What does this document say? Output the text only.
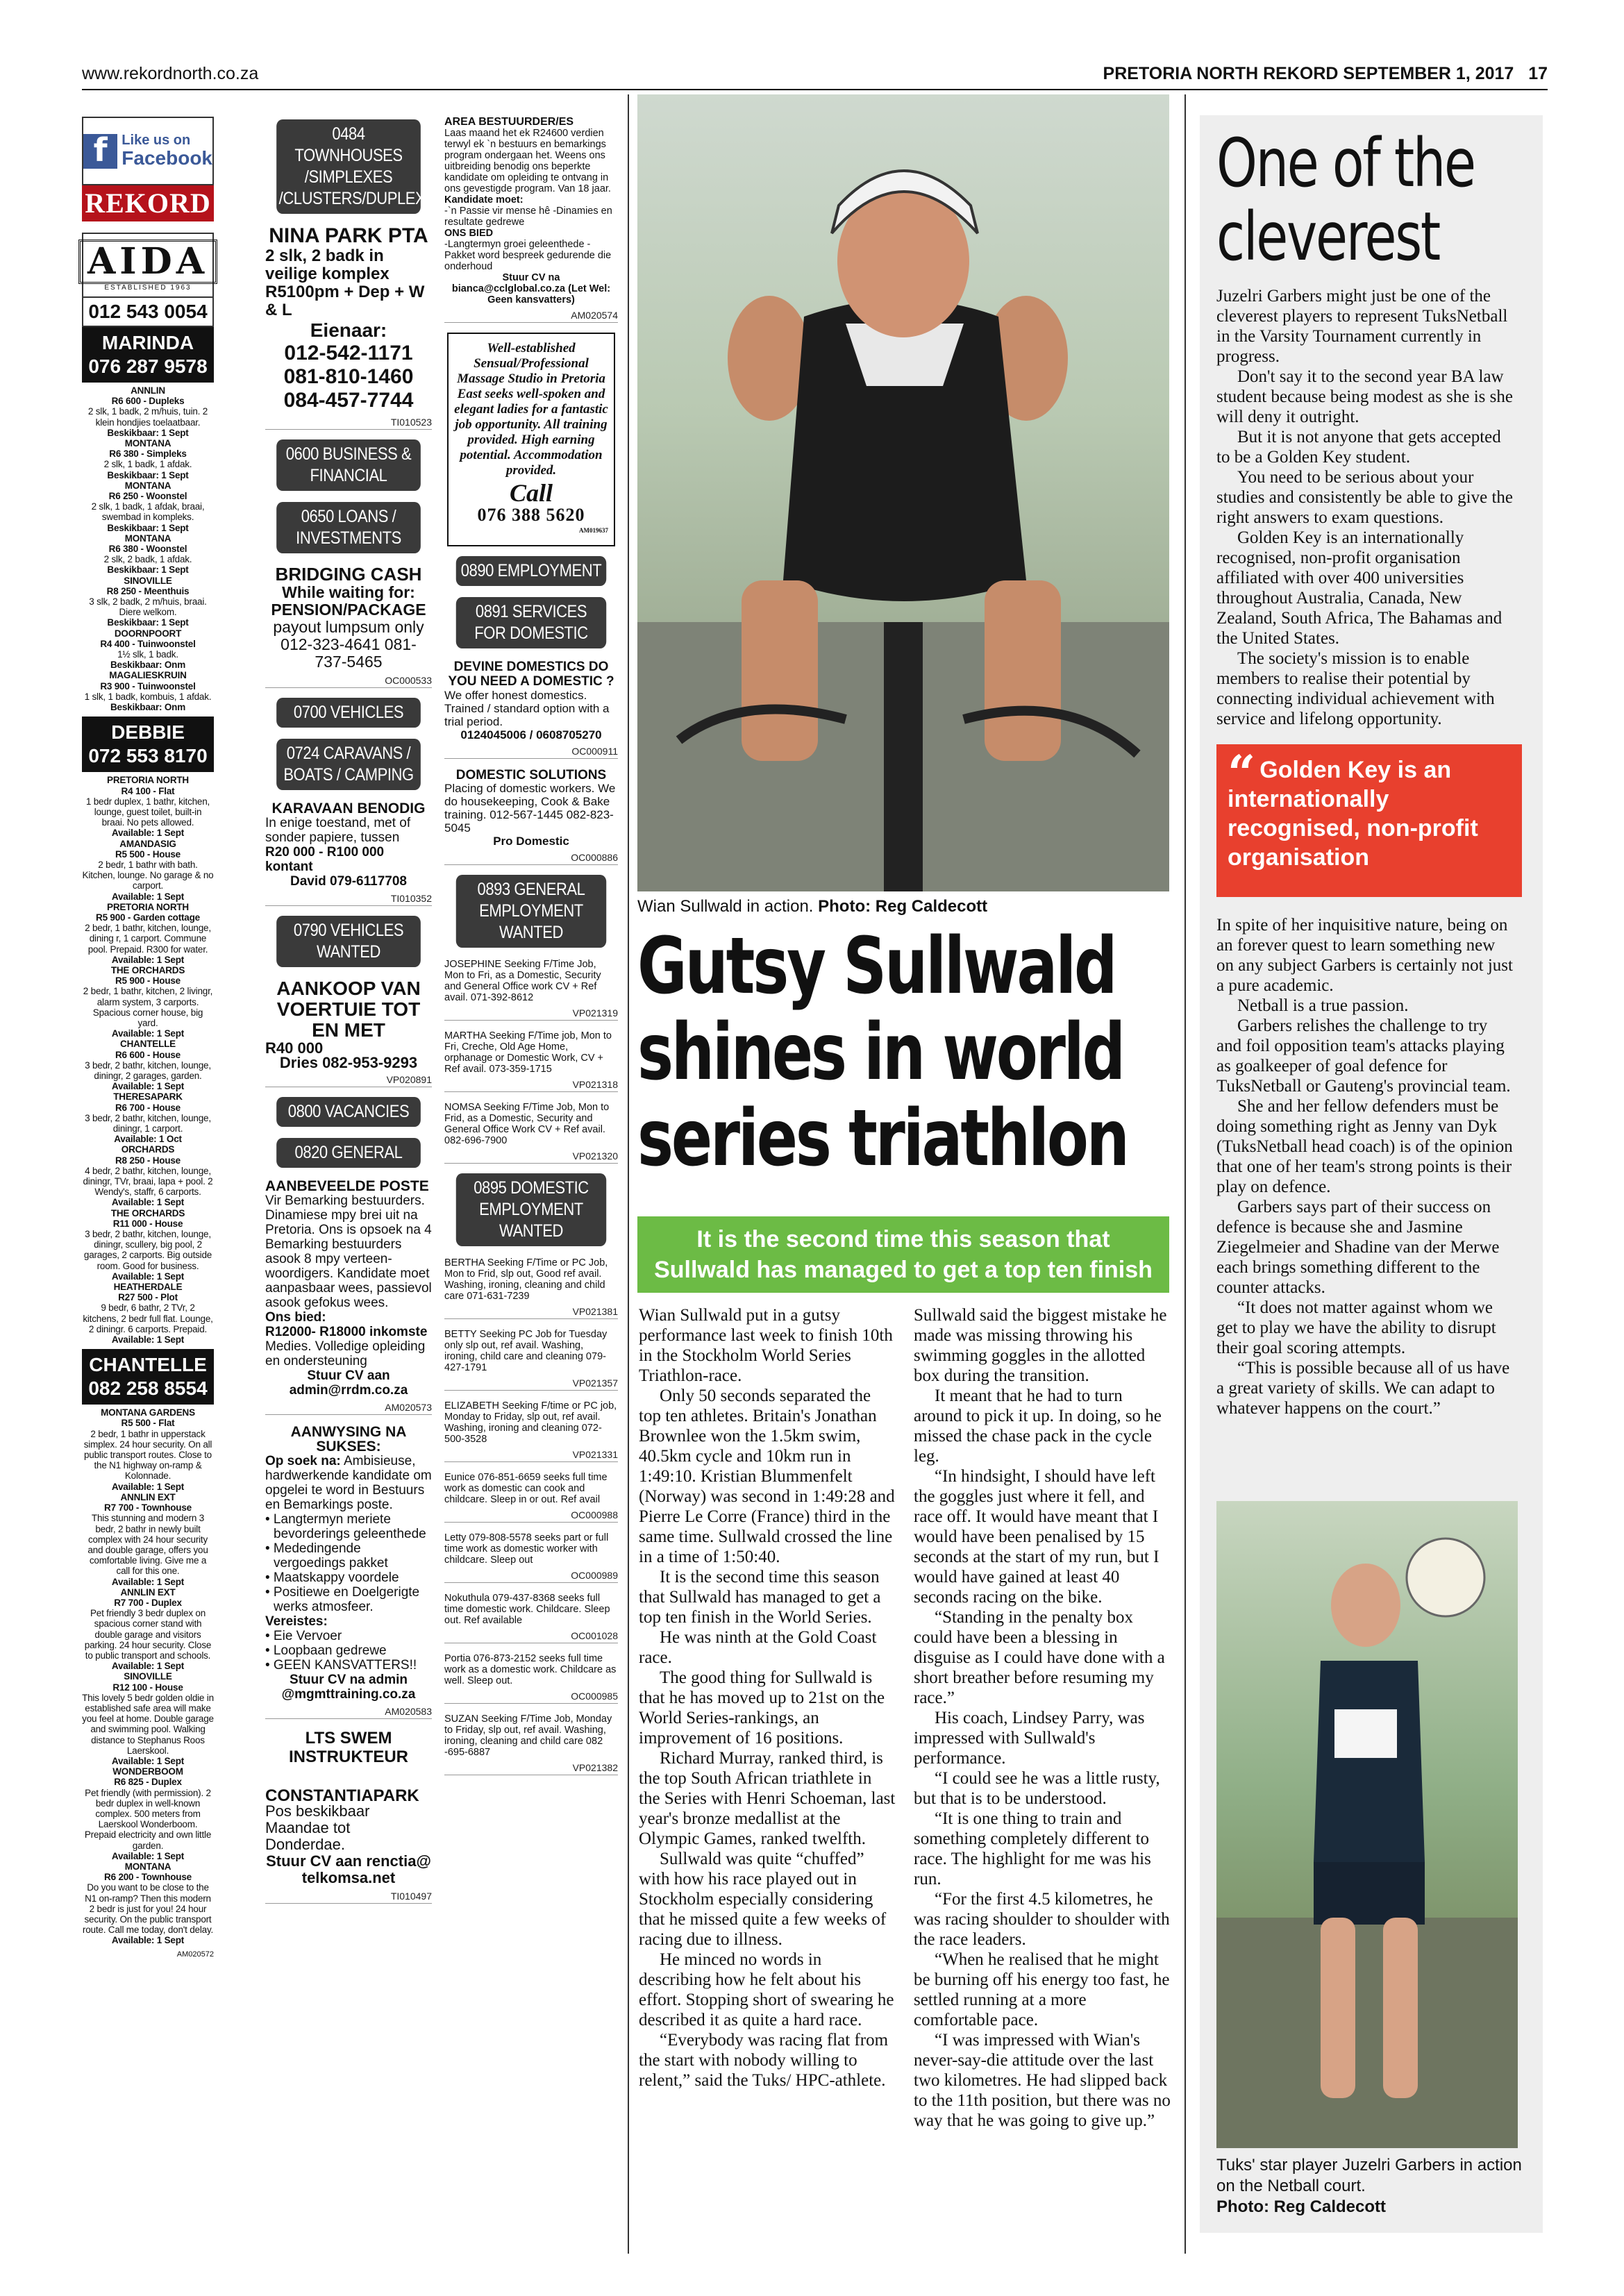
www.rekordnorth.co.za	PRETORIA NORTH REKORD SEPTEMBER 1, 2017 17
f	Like us on
Facebook
REKORD
AIDA
ESTABLISHED 1963
012 543 0054
MARINDA
076 287 9578
ANNLIN
R6 600 - Dupleks
2 slk, 1 badk, 2 m/huis, tuin. 2 klein hondjies toelaatbaar.
Beskikbaar: 1 Sept
MONTANA
R6 380 - Simpleks
2 slk, 1 badk, 1 afdak.
Beskikbaar: 1 Sept
MONTANA
R6 250 - Woonstel
2 slk, 1 badk, 1 afdak, braai, swembad in kompleks.
Beskikbaar: 1 Sept
MONTANA
R6 380 - Woonstel
2 slk, 2 badk, 1 afdak.
Beskikbaar: 1 Sept
SINOVILLE
R8 250 - Meenthuis
3 slk, 2 badk, 2 m/huis, braai. Diere welkom.
Beskikbaar: 1 Sept
DOORNPOORT
R4 400 - Tuinwoonstel
1½ slk, 1 badk.
Beskikbaar: Onm
MAGALIESKRUIN
R3 900 - Tuinwoonstel
1 slk, 1 badk, kombuis, 1 afdak.
Beskikbaar: Onm
DEBBIE
072 553 8170
PRETORIA NORTH
R4 100 - Flat
1 bedr duplex, 1 bathr, kitchen, lounge, guest toilet, built-in braai. No pets allowed.
Available: 1 Sept
AMANDASIG
R5 500 - House
2 bedr, 1 bathr with bath. Kitchen, lounge. No garage & no carport.
Available: 1 Sept
PRETORIA NORTH
R5 900 - Garden cottage
2 bedr, 1 bathr, kitchen, lounge, dining r, 1 carport. Commune pool. Prepaid. R300 for water.
Available: 1 Sept
THE ORCHARDS
R5 900 - House
2 bedr, 1 bathr, kitchen, 2 livingr, alarm system, 3 carports. Spacious corner house, big yard.
Available: 1 Sept
CHANTELLE
R6 600 - House
3 bedr, 2 bathr, kitchen, lounge, diningr, 2 garages, garden.
Available: 1 Sept
THERESAPARK
R6 700 - House
3 bedr, 2 bathr, kitchen, lounge, diningr, 1 carport.
Available: 1 Oct
ORCHARDS
R8 250 - House
4 bedr, 2 bathr, kitchen, lounge, diningr, TVr, braai, lapa + pool. 2 Wendy's, staffr, 6 carports.
Available: 1 Sept
THE ORCHARDS
R11 000 - House
3 bedr, 2 bathr, kitchen, lounge, diningr, scullery, big pool, 2 garages, 2 carports. Big outside room. Good for business.
Available: 1 Sept
HEATHERDALE
R27 500 - Plot
9 bedr, 6 bathr, 2 TVr, 2 kitchens, 2 bedr full flat. Lounge, 2 diningr. 6 carports. Prepaid.
Available: 1 Sept
CHANTELLE
082 258 8554
MONTANA GARDENS
R5 500 - Flat
2 bedr, 1 bathr in upperstack simplex. 24 hour security. On all public transport routes. Close to the N1 highway on-ramp & Kolonnade.
Available: 1 Sept
ANNLIN EXT
R7 700 - Townhouse
This stunning and modern 3 bedr, 2 bathr in newly built complex with 24 hour security and double garage, offers you comfortable living. Give me a call for this one.
Available: 1 Sept
ANNLIN EXT
R7 700 - Duplex
Pet friendly 3 bedr duplex on spacious corner stand with double garage and visitors parking. 24 hour security. Close to public transport and schools.
Available: 1 Sept
SINOVILLE
R12 100 - House
This lovely 5 bedr golden oldie in established safe area will make you feel at home. Double garage and swimming pool. Walking distance to Stephanus Roos Laerskool.
Available: 1 Sept
WONDERBOOM
R6 825 - Duplex
Pet friendly (with permission). 2 bedr duplex in well-known complex. 500 meters from Laerskool Wonderboom. Prepaid electricity and own little garden.
Available: 1 Sept
MONTANA
R6 200 - Townhouse
Do you want to be close to the N1 on-ramp? Then this modern 2 bedr is just for you! 24 hour security. On the public transport route. Call me today, don't delay.
Available: 1 Sept
AM020572
0484 TOWNHOUSES /SIMPLEXES /CLUSTERS/DUPLEXES
NINA PARK PTA
2 slk, 2 badk in veilige komplex R5100pm + Dep + W & L
Eienaar:
012-542-1171 081-810-1460 084-457-7744
TI010523
0600 BUSINESS & FINANCIAL
0650 LOANS / INVESTMENTS
BRIDGING CASH
While waiting for: PENSION/PACKAGE
payout lumpsum only
012-323-4641 081-737-5465
OC000533
0700 VEHICLES
0724 CARAVANS / BOATS / CAMPING
KARAVAAN BENODIG
In enige toestand, met of sonder papiere, tussen
R20 000 - R100 000 kontant
David 079-6117708
TI010352
0790 VEHICLES WANTED
AANKOOP VAN VOERTUIE TOT EN MET
R40 000
Dries 082-953-9293
VP020891
0800 VACANCIES
0820 GENERAL
AANBEVEELDE POSTE
Vir Bemarking bestuurders. Dinamiese mpy brei uit na Pretoria. Ons is opsoek na 4 Bemarking bestuurders asook 8 mpy verteen-woordigers. Kandidate moet aanpasbaar wees, passievol asook gefokus wees.
Ons bied:
R12000- R18000 inkomste
Medies. Volledige opleiding en ondersteuning
Stuur CV aan admin@rrdm.co.za
AM020573
AANWYSING NA SUKSES:
Op soek na: Ambisieuse, hardwerkende kandidate om opgelei te word in Bestuurs en Bemarkings poste.
• Langtermyn meriete bevorderings geleenthede
• Mededingende vergoedings pakket
• Maatskappy voordele
• Positiewe en Doelgerigte werks atmosfeer.
Vereistes:
• Eie Vervoer
• Loopbaan gedrewe
• GEEN KANSVATTERS!!
Stuur CV na admin @mgmttraining.co.za
AM020583
LTS SWEM INSTRUKTEUR
CONSTANTIAPARK
Pos beskikbaar Maandae tot Donderdae.
Stuur CV aan renctia@ telkomsa.net
TI010497
AREA BESTUURDER/ES
Laas maand het ek R24600 verdien terwyl ek `n bestuurs en bemarkings program ondergaan het. Weens ons uitbreiding benodig ons beperkte kandidate om opleiding te ontvang in ons gevestigde program. Van 18 jaar.
Kandidate moet:
-`n Passie vir mense hê -Dinamies en resultate gedrewe
ONS BIED
-Langtermyn groei geleenthede -Pakket word bespreek gedurende die onderhoud
Stuur CV na bianca@cclglobal.co.za (Let Wel: Geen kansvatters)
AM020574
Well-established Sensual/Professional Massage Studio in Pretoria East seeks well-spoken and elegant ladies for a fantastic job opportunity. All training provided. High earning potential. Accommodation provided.
Call
076 388 5620
AM019637
0890 EMPLOYMENT
0891 SERVICES FOR DOMESTIC
DEVINE DOMESTICS DO YOU NEED A DOMESTIC ?
We offer honest domestics. Trained / standard option with a trial period.
0124045006 / 0608705270
OC000911
DOMESTIC SOLUTIONS
Placing of domestic workers. We do housekeeping, Cook & Bake training. 012-567-1445 082-823-5045
Pro Domestic
OC000886
0893 GENERAL EMPLOYMENT WANTED
JOSEPHINE Seeking F/Time Job, Mon to Fri, as a Domestic, Security and General Office work CV + Ref avail. 071-392-8612
VP021319
MARTHA Seeking F/Time job, Mon to Fri, Creche, Old Age Home, orphanage or Domestic Work, CV + Ref avail. 073-359-1715
VP021318
NOMSA Seeking F/Time Job, Mon to Frid, as a Domestic, Security and General Office Work CV + Ref avail. 082-696-7900
VP021320
0895 DOMESTIC EMPLOYMENT WANTED
BERTHA Seeking F/Time or PC Job, Mon to Frid, slp out, Good ref avail. Washing, ironing, cleaning and child care 071-631-7239
VP021381
BETTY Seeking PC Job for Tuesday only slp out, ref avail. Washing, ironing, child care and cleaning 079- 427-1791
VP021357
ELIZABETH Seeking F/time or PC job, Monday to Friday, slp out, ref avail. Washing, ironing and cleaning 072-500-3528
VP021331
Eunice 076-851-6659 seeks full time work as domestic can cook and childcare. Sleep in or out. Ref avail
OC000988
Letty 079-808-5578 seeks part or full time work as domestic worker with childcare. Sleep out
OC000989
Nokuthula 079-437-8368 seeks full time domestic work. Childcare. Sleep out. Ref available
OC001028
Portia 076-873-2152 seeks full time work as a domestic work. Childcare as well. Sleep out.
OC000985
SUZAN Seeking F/Time Job, Monday to Friday, slp out, ref avail. Washing, ironing, cleaning and child care 082 -695-6887
VP021382
Wian Sullwald in action. Photo: Reg Caldecott
Gutsy Sullwald
shines in world
series triathlon
It is the second time this season that
Sullwald has managed to get a top ten finish

Wian Sullwald put in a gutsy performance last week to finish 10th in the Stockholm World Series Triathlon-race.

Only 50 seconds separated the top ten athletes. Britain's Jonathan Brownlee won the 1.5km swim, 40.5km cycle and 10km run in 1:49:10. Kristian Blummenfelt (Norway) was second in 1:49:28 and Pierre Le Corre (France) third in the same time. Sullwald crossed the line in a time of 1:50:40.

It is the second time this season that Sullwald has managed to get a top ten finish in the World Series.

He was ninth at the Gold Coast race.

The good thing for Sullwald is that he has moved up to 21st on the World Series-rankings, an improvement of 16 positions.

Richard Murray, ranked third, is the top South African triathlete in the Series with Henri Schoeman, last year's bronze medallist at the Olympic Games, ranked twelfth.

Sullwald was quite “chuffed” with how his race played out in Stockholm especially considering that he missed quite a few weeks of racing due to illness.

He minced no words in describing how he felt about his effort. Stopping short of swearing he described it as quite a hard race.

“Everybody was racing flat from the start with nobody willing to relent,” said the Tuks/ HPC-athlete.

Sullwald said the biggest mistake he made was missing throwing his swimming goggles in the allotted box during the transition.

It meant that he had to turn around to pick it up. In doing, so he missed the chase pack in the cycle leg.

“In hindsight, I should have left the goggles just where it fell, and race off. It would have meant that I would have been penalised by 15 seconds at the start of my run, but I would have gained at least 40 seconds racing on the bike.

“Standing in the penalty box could have been a blessing in disguise as I could have done with a short breather before resuming my race.”

His coach, Lindsey Parry, was impressed with Sullwald's performance.

“I could see he was a little rusty, but that is to be understood.

“It is one thing to train and something completely different to race. The highlight for me was his run.

“For the first 4.5 kilometres, he was racing shoulder to shoulder with the race leaders.

“When he realised that he might be burning off his energy too fast, he settled running at a more comfortable pace.

“I was impressed with Wian's never-say-die attitude over the last two kilometres. He had slipped back to the 11th position, but there was no way that he was going to give up.”

One of the
cleverest

Juzelri Garbers might just be one of the cleverest players to represent TuksNetball in the Varsity Tournament currently in progress.

Don't say it to the second year BA law student because being modest as she is she will deny it outright.

But it is not anyone that gets accepted to be a Golden Key student.

You need to be serious about your studies and consistently be able to give the right answers to exam questions.

Golden Key is an internationally recognised, non-profit organisation affiliated with over 400 universities throughout Australia, Canada, New Zealand, South Africa, The Bahamas and the United States.

The society's mission is to enable members to realise their potential by connecting individual achievement with service and lifelong opportunity.

“ Golden Key is an internationally recognised, non-profit organisation

In spite of her inquisitive nature, being on an forever quest to learn something new on any subject Garbers is certainly not just a pure academic.

Netball is a true passion.

Garbers relishes the challenge to try and foil opposition team's attacks playing as goalkeeper of goal defence for TuksNetball or Gauteng's provincial team.

She and her fellow defenders must be doing something right as Jenny van Dyk (TuksNetball head coach) is of the opinion that one of her team's strong points is their play on defence.

Garbers says part of their success on defence is because she and Jasmine Ziegelmeier and Shadine van der Merwe each brings something different to the counter attacks.

“It does not matter against whom we get to play we have the ability to disrupt their goal scoring attempts.

“This is possible because all of us have a great variety of skills. We can adapt to whatever happens on the court.”

Tuks' star player Juzelri Garbers in action on the Netball court.
Photo: Reg Caldecott
